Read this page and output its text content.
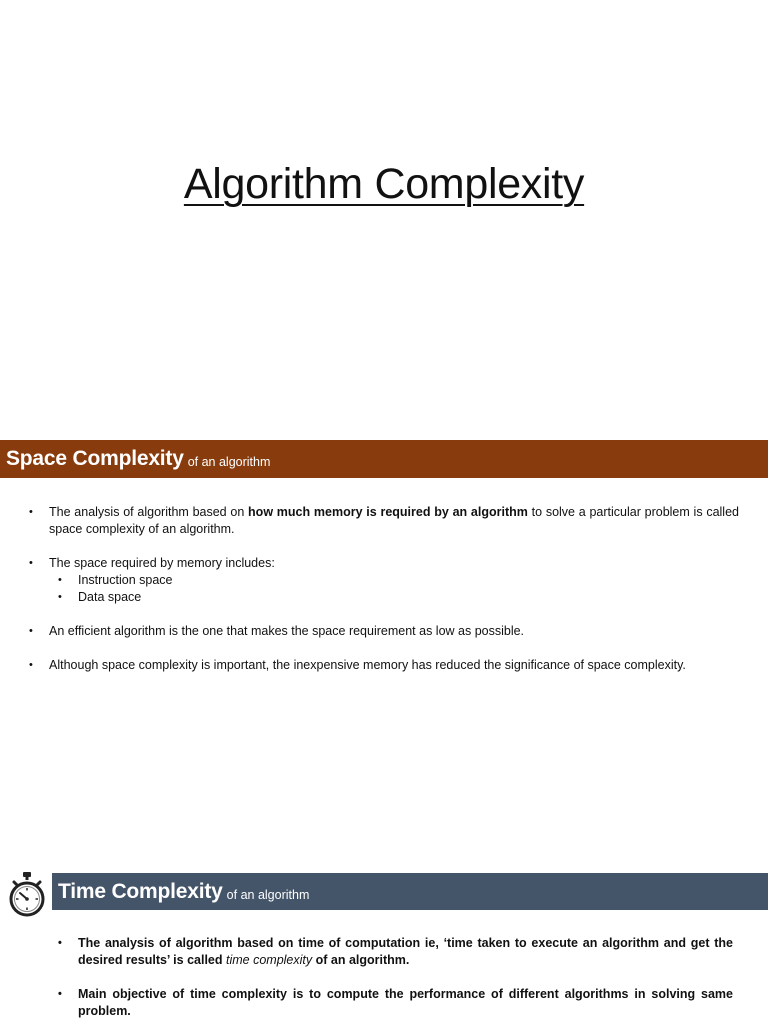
Algorithm Complexity
Space Complexity of an algorithm
• The analysis of algorithm based on how much memory is required by an algorithm to solve a particular problem is called space complexity of an algorithm.
• The space required by memory includes:
• Instruction space
• Data space
• An efficient algorithm is the one that makes the space requirement as low as possible.
• Although space complexity is important, the inexpensive memory has reduced the significance of space complexity.
Time Complexity of an algorithm
• The analysis of algorithm based on time of computation ie, ‘time taken to execute an algorithm and get the desired results’ is called time complexity of an algorithm.
• Main objective of time complexity is to compute the performance of different algorithms in solving same problem.
